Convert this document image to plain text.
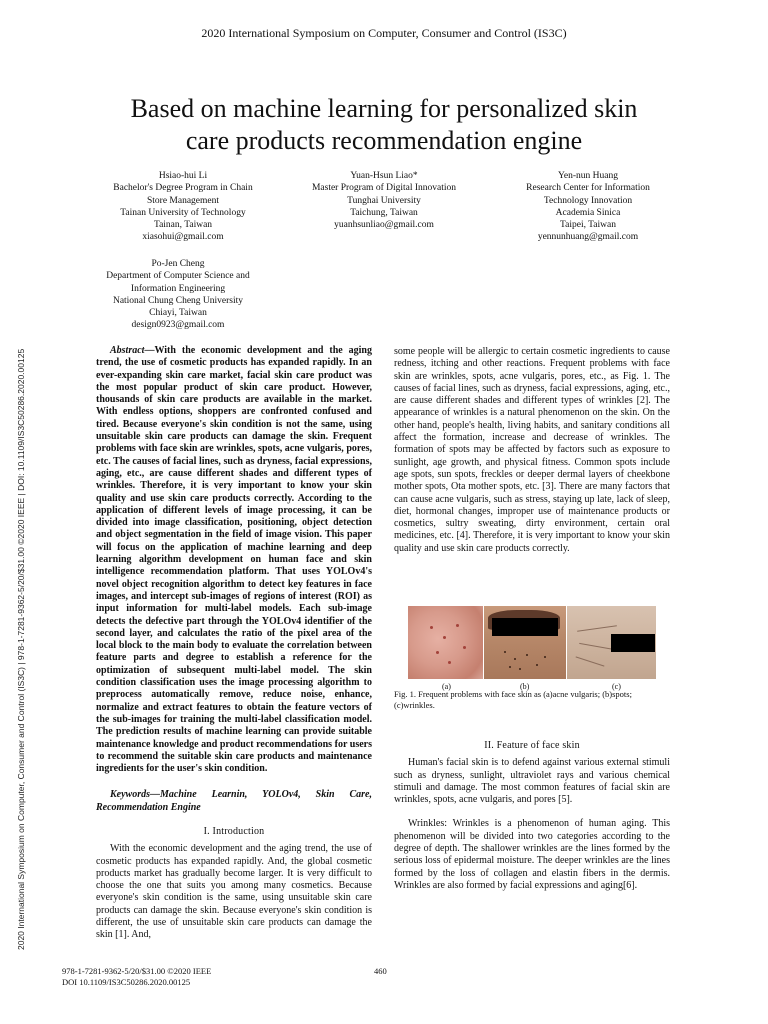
2020 International Symposium on Computer, Consumer and Control (IS3C)
Based on machine learning for personalized skin
care products recommendation engine
Hsiao-hui Li
Bachelor's Degree Program in Chain
Store Management
Tainan University of Technology
Tainan, Taiwan
xiasohui@gmail.com
Yuan-Hsun Liao*
Master Program of Digital Innovation
Tunghai University
Taichung, Taiwan
yuanhsunliao@gmail.com
Yen-nun Huang
Research Center for Information
Technology Innovation
Academia Sinica
Taipei, Taiwan
yennunhuang@gmail.com
Po-Jen Cheng
Department of Computer Science and
Information Engineering
National Chung Cheng University
Chiayi, Taiwan
design0923@gmail.com
2020 International Symposium on Computer, Consumer and Control (IS3C) | 978-1-7281-9362-5/20/$31.00 ©2020 IEEE | DOI: 10.1109/IS3C50286.2020.00125	Abstract—With the economic development and the aging trend, the use of cosmetic products has expanded rapidly. In an ever-expanding skin care market, facial skin care product was the most popular product of skin care product. However, thousands of skin care products are available in the market. With endless options, shoppers are confronted confused and tired. Because everyone's skin condition is not the same, using unsuitable skin care products can damage the skin. Frequent problems with face skin are wrinkles, spots, acne vulgaris, pores, etc. The causes of facial lines, such as dryness, facial expressions, aging, etc., are cause different shades and different types of wrinkles. Therefore, it is very important to know your skin quality and use skin care products correctly. According to the application of different levels of image processing, it can be divided into image classification, positioning, object detection and object segmentation in the field of image vision. This paper will focus on the application of machine learning and deep learning algorithm development on human face and skin intelligence recommendation platform. That uses YOLOv4's novel object recognition algorithm to detect key features in face images, and intercept sub-images of regions of interest (ROI) as input information for multi-label models. Each sub-image detects the defective part through the YOLOv4 identifier of the second layer, and calculates the ratio of the pixel area of the local block to the main body to evaluate the correlation between feature parts and degree to establish a reference for the optimization of subsequent multi-label model. The skin condition classification uses the image processing algorithm to preprocess automatically remove, reduce noise, enhance, normalize and extract features to obtain the feature vectors of the sub-images for training the multi-label classification model. The prediction results of machine learning can provide suitable maintenance knowledge and product recommendations for users to recommend the suitable skin care products and maintenance ingredients for the user's skin condition.

Keywords—Machine Learnin, YOLOv4, Skin Care, Recommendation Engine

I. Introduction

With the economic development and the aging trend, the use of cosmetic products has expanded rapidly. And, the global cosmetic products market has gradually become larger. It is very difficult to choose the one that suits you among many cosmetics. Because everyone's skin condition is the same, using unsuitable skin care products can damage the skin. Because everyone's skin condition is different, the use of unsuitable skin care products can damage the skin [1]. And,

some people will be allergic to certain cosmetic ingredients to cause redness, itching and other reactions. Frequent problems with face skin are wrinkles, spots, acne vulgaris, pores, etc., as Fig. 1. The causes of facial lines, such as dryness, facial expressions, aging, etc., are cause different shades and different types of wrinkles [2]. The appearance of wrinkles is a natural phenomenon on the skin. On the other hand, people's health, living habits, and sanitary conditions all affect the formation, increase and decrease of wrinkles. The formation of spots may be affected by factors such as exposure to sunlight, age growth, and physical fitness. Common spots include age spots, sun spots, freckles or deeper dermal layers of cheekbone mother spots, Ota mother spots, etc. [3]. There are many factors that can cause acne vulgaris, such as stress, staying up late, lack of sleep, diet, hormonal changes, improper use of maintenance products or cosmetics, sultry sweating, dirty environment, certain oral medicines, etc. [4]. Therefore, it is very important to know your skin quality and use skin care products correctly.

(a)	(b)	(c)
Fig. 1. Frequent problems with face skin as (a)acne vulgaris; (b)spots; (c)wrinkles.
II. Feature of face skin

Human's facial skin is to defend against various external stimuli such as dryness, sunlight, ultraviolet rays and various chemical stimuli and damage. The most common features of facial skin are wrinkles, spots, acne vulgaris, and pores [5].

Wrinkles: Wrinkles is a phenomenon of human aging. This phenomenon will be divided into two categories according to the degree of depth. The shallower wrinkles are the lines formed by the serious loss of epidermal moisture. The deeper wrinkles are the lines formed by the loss of collagen and elastin fibers in the dermis. Wrinkles are also formed by facial expressions and aging[6].

978-1-7281-9362-5/20/$31.00 ©2020 IEEE
DOI 10.1109/IS3C50286.2020.00125
460
